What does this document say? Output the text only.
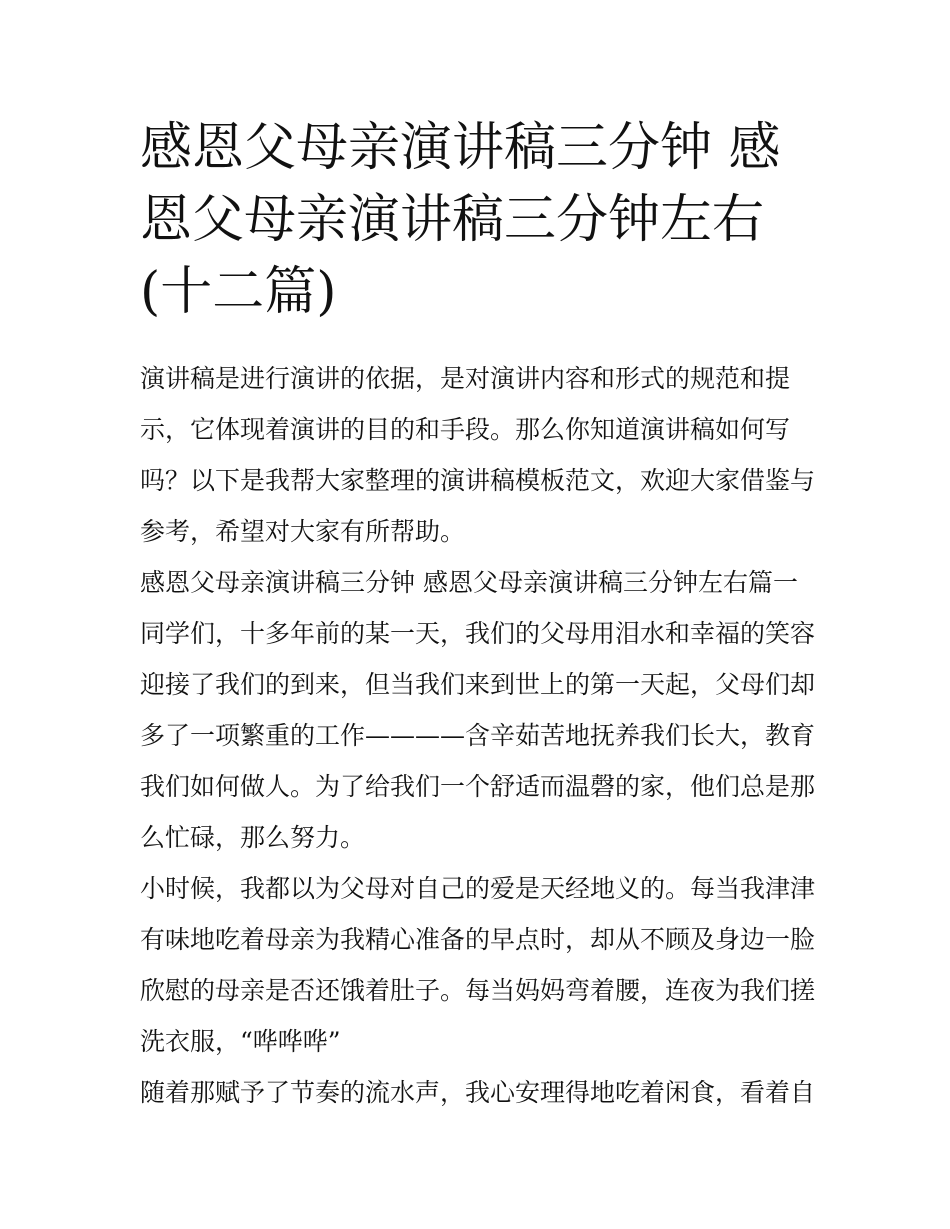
感恩父母亲演讲稿三分钟 感恩父母亲演讲稿三分钟左右(十二篇)

演讲稿是进行演讲的依据，是对演讲内容和形式的规范和提示，它体现着演讲的目的和手段。那么你知道演讲稿如何写吗？以下是我帮大家整理的演讲稿模板范文，欢迎大家借鉴与参考，希望对大家有所帮助。

感恩父母亲演讲稿三分钟 感恩父母亲演讲稿三分钟左右篇一

同学们，十多年前的某一天，我们的父母用泪水和幸福的笑容迎接了我们的到来，但当我们来到世上的第一天起，父母们却多了一项繁重的工作————含辛茹苦地抚养我们长大，教育我们如何做人。为了给我们一个舒适而温磬的家，他们总是那么忙碌，那么努力。

小时候，我都以为父母对自己的爱是天经地义的。每当我津津有味地吃着母亲为我精心准备的早点时，却从不顾及身边一脸欣慰的母亲是否还饿着肚子。每当妈妈弯着腰，连夜为我们搓洗衣服，“哗哗哗”

随着那赋予了节奏的流水声，我心安理得地吃着闲食，看着自
